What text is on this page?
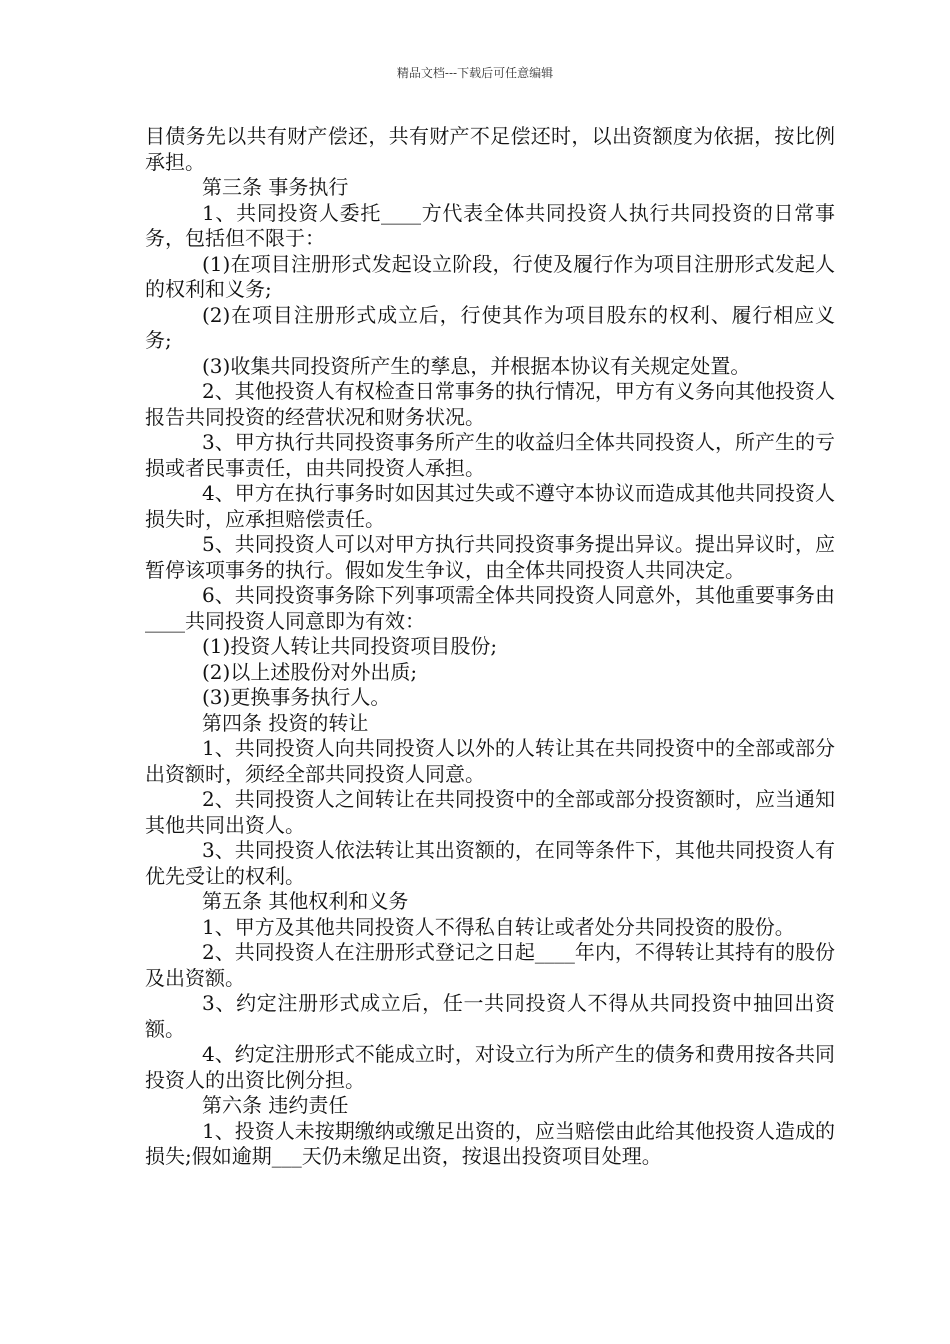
精品文档---下载后可任意编辑

目债务先以共有财产偿还，共有财产不足偿还时，以出资额度为依据，按比例承担。

第三条 事务执行

1、共同投资人委托____方代表全体共同投资人执行共同投资的日常事务，包括但不限于：

(1)在项目注册形式发起设立阶段，行使及履行作为项目注册形式发起人的权利和义务;

(2)在项目注册形式成立后，行使其作为项目股东的权利、履行相应义务;

(3)收集共同投资所产生的孳息，并根据本协议有关规定处置。

2、其他投资人有权检查日常事务的执行情况，甲方有义务向其他投资人报告共同投资的经营状况和财务状况。

3、甲方执行共同投资事务所产生的收益归全体共同投资人，所产生的亏损或者民事责任，由共同投资人承担。

4、甲方在执行事务时如因其过失或不遵守本协议而造成其他共同投资人损失时，应承担赔偿责任。

5、共同投资人可以对甲方执行共同投资事务提出异议。提出异议时，应暂停该项事务的执行。假如发生争议，由全体共同投资人共同决定。

6、共同投资事务除下列事项需全体共同投资人同意外，其他重要事务由____共同投资人同意即为有效：

(1)投资人转让共同投资项目股份;

(2)以上述股份对外出质;

(3)更换事务执行人。

第四条 投资的转让

1、共同投资人向共同投资人以外的人转让其在共同投资中的全部或部分出资额时，须经全部共同投资人同意。

2、共同投资人之间转让在共同投资中的全部或部分投资额时，应当通知其他共同出资人。

3、共同投资人依法转让其出资额的，在同等条件下，其他共同投资人有优先受让的权利。

第五条 其他权利和义务

1、甲方及其他共同投资人不得私自转让或者处分共同投资的股份。

2、共同投资人在注册形式登记之日起____年内，不得转让其持有的股份及出资额。

3、约定注册形式成立后，任一共同投资人不得从共同投资中抽回出资额。

4、约定注册形式不能成立时，对设立行为所产生的债务和费用按各共同投资人的出资比例分担。

第六条 违约责任

1、投资人未按期缴纳或缴足出资的，应当赔偿由此给其他投资人造成的损失;假如逾期___天仍未缴足出资，按退出投资项目处理。
